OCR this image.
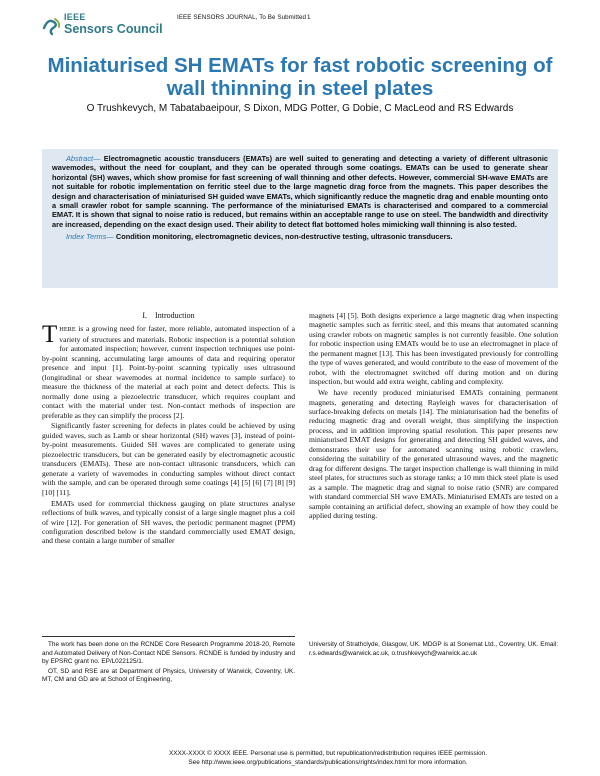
IEEE
Sensors Council
IEEE SENSORS JOURNAL, To Be Submitted 1
Miniaturised SH EMATs for fast robotic screening of wall thinning in steel plates
O Trushkevych, M Tabatabaeipour, S Dixon, MDG Potter, G Dobie, C MacLeod and RS Edwards

Abstract— Electromagnetic acoustic transducers (EMATs) are well suited to generating and detecting a variety of different ultrasonic wavemodes, without the need for couplant, and they can be operated through some coatings. EMATs can be used to generate shear horizontal (SH) waves, which show promise for fast screening of wall thinning and other defects. However, commercial SH-wave EMATs are not suitable for robotic implementation on ferritic steel due to the large magnetic drag force from the magnets. This paper describes the design and characterisation of miniaturised SH guided wave EMATs, which significantly reduce the magnetic drag and enable mounting onto a small crawler robot for sample scanning. The performance of the miniaturised EMATs is characterised and compared to a commercial EMAT. It is shown that signal to noise ratio is reduced, but remains within an acceptable range to use on steel. The bandwidth and directivity are increased, depending on the exact design used. Their ability to detect flat bottomed holes mimicking wall thinning is also tested.

Index Terms— Condition monitoring, electromagnetic devices, non-destructive testing, ultrasonic transducers.

I. Introduction

THERE is a growing need for faster, more reliable, automated inspection of a variety of structures and materials. Robotic inspection is a potential solution for automated inspection; however, current inspection techniques use point-by-point scanning, accumulating large amounts of data and requiring operator presence and input [1]. Point-by-point scanning typically uses ultrasound (longitudinal or shear wavemodes at normal incidence to sample surface) to measure the thickness of the material at each point and detect defects. This is normally done using a piezoelectric transducer, which requires couplant and contact with the material under test. Non-contact methods of inspection are preferable as they can simplify the process [2].

Significantly faster screening for defects in plates could be achieved by using guided waves, such as Lamb or shear horizontal (SH) waves [3], instead of point-by-point measurements. Guided SH waves are complicated to generate using piezoelectric transducers, but can be generated easily by electromagnetic acoustic transducers (EMATs). These are non-contact ultrasonic transducers, which can generate a variety of wavemodes in conducting samples without direct contact with the sample, and can be operated through some coatings [4] [5] [6] [7] [8] [9] [10] [11].

EMATs used for commercial thickness gauging on plate structures analyse reflections of bulk waves, and typically consist of a large single magnet plus a coil of wire [12]. For generation of SH waves, the periodic permanent magnet (PPM) configuration described below is the standard commercially used EMAT design, and these contain a large number of smaller

magnets [4] [5]. Both designs experience a large magnetic drag when inspecting magnetic samples such as ferritic steel, and this means that automated scanning using crawler robots on magnetic samples is not currently feasible. One solution for robotic inspection using EMATs would be to use an electromagnet in place of the permanent magnet [13]. This has been investigated previously for controlling the type of waves generated, and would contribute to the ease of movement of the robot, with the electromagnet switched off during motion and on during inspection, but would add extra weight, cabling and complexity.

We have recently produced miniaturised EMATs containing permanent magnets, generating and detecting Rayleigh waves for characterisation of surface-breaking defects on metals [14]. The miniaturisation had the benefits of reducing magnetic drag and overall weight, thus simplifying the inspection process, and in addition improving spatial resolution. This paper presents new miniaturised EMAT designs for generating and detecting SH guided waves, and demonstrates their use for automated scanning using robotic crawlers, considering the suitability of the generated ultrasound waves, and the magnetic drag for different designs. The target inspection challenge is wall thinning in mild steel plates, for structures such as storage tanks; a 10 mm thick steel plate is used as a sample. The magnetic drag and signal to noise ratio (SNR) are compared with standard commercial SH wave EMATs. Miniaturised EMATs are tested on a sample containing an artificial defect, showing an example of how they could be applied during testing.

The work has been done on the RCNDE Core Research Programme 2018-20, Remote and Automated Delivery of Non-Contact NDE Sensors. RCNDE is funded by industry and by EPSRC grant no. EP/L022125/1.

OT, SD and RSE are at Department of Physics, University of Warwick, Coventry, UK. MT, CM and GD are at School of Engineering,

University of Strathclyde, Glasgow, UK. MDGP is at Sonemat Ltd., Coventry, UK. Email: r.s.edwards@warwick.ac.uk, o.trushkevych@warwick.ac.uk

XXXX-XXXX © XXXX IEEE. Personal use is permitted, but republication/redistribution requires IEEE permission.
See http://www.ieee.org/publications_standards/publications/rights/index.html for more information.
